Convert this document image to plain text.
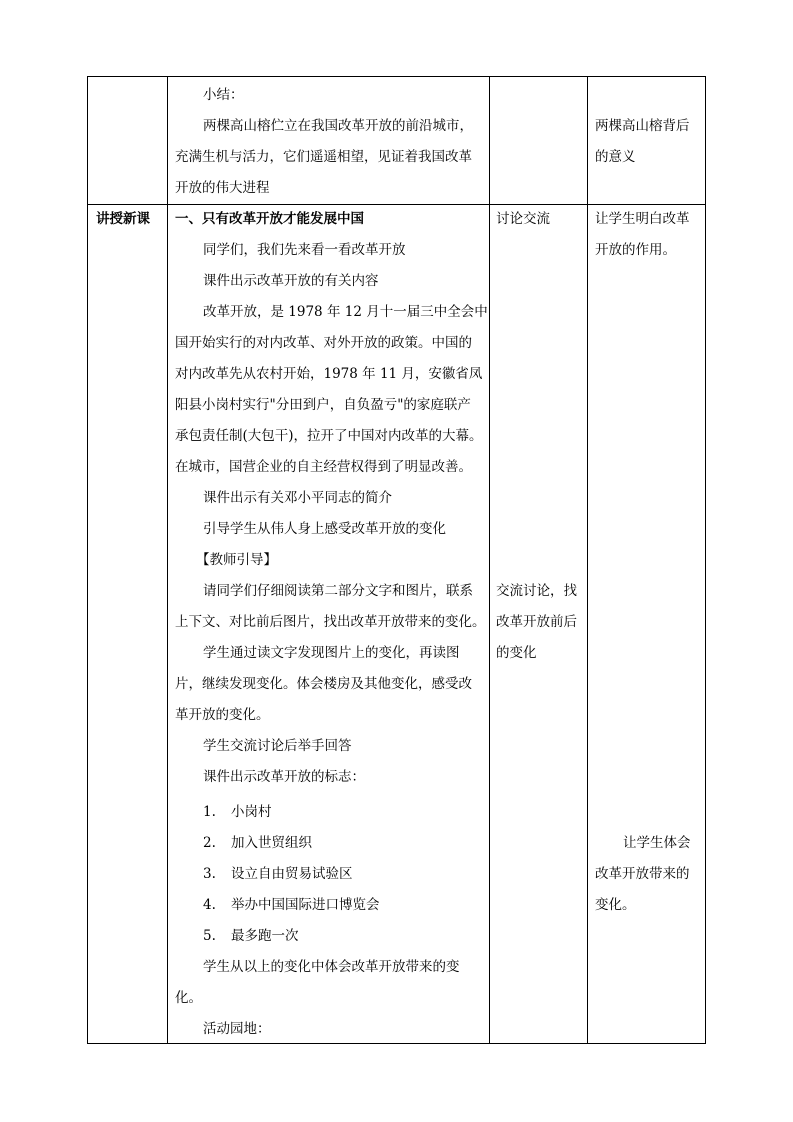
小结：
两棵高山榕伫立在我国改革开放的前沿城市，
充满生机与活力，它们遥遥相望，见证着我国改革
开放的伟大进程
两棵高山榕背后
的意义
讲授新课 一、只有改革开放才能发展中国
同学们，我们先来看一看改革开放
课件出示改革开放的有关内容
改革开放，是 1978 年 12 月十一届三中全会中
国开始实行的对内改革、对外开放的政策。中国的
对内改革先从农村开始，1978 年 11 月，安徽省凤
阳县小岗村实行"分田到户，自负盈亏"的家庭联产
承包责任制(大包干)，拉开了中国对内改革的大幕。
在城市，国营企业的自主经营权得到了明显改善。
课件出示有关邓小平同志的简介
引导学生从伟人身上感受改革开放的变化
【教师引导】
请同学们仔细阅读第二部分文字和图片，联系
上下文、对比前后图片，找出改革开放带来的变化。
学生通过读文字发现图片上的变化，再读图
片，继续发现变化。体会楼房及其他变化，感受改
革开放的变化。
学生交流讨论后举手回答
课件出示改革开放的标志：
1. 小岗村
2. 加入世贸组织
3. 设立自由贸易试验区
4. 举办中国国际进口博览会
5. 最多跑一次
学生从以上的变化中体会改革开放带来的变
化。
活动园地：
讨论交流
交流讨论，找
改革开放前后
的变化
让学生明白改革
开放的作用。
让学生体会
改革开放带来的
变化。
